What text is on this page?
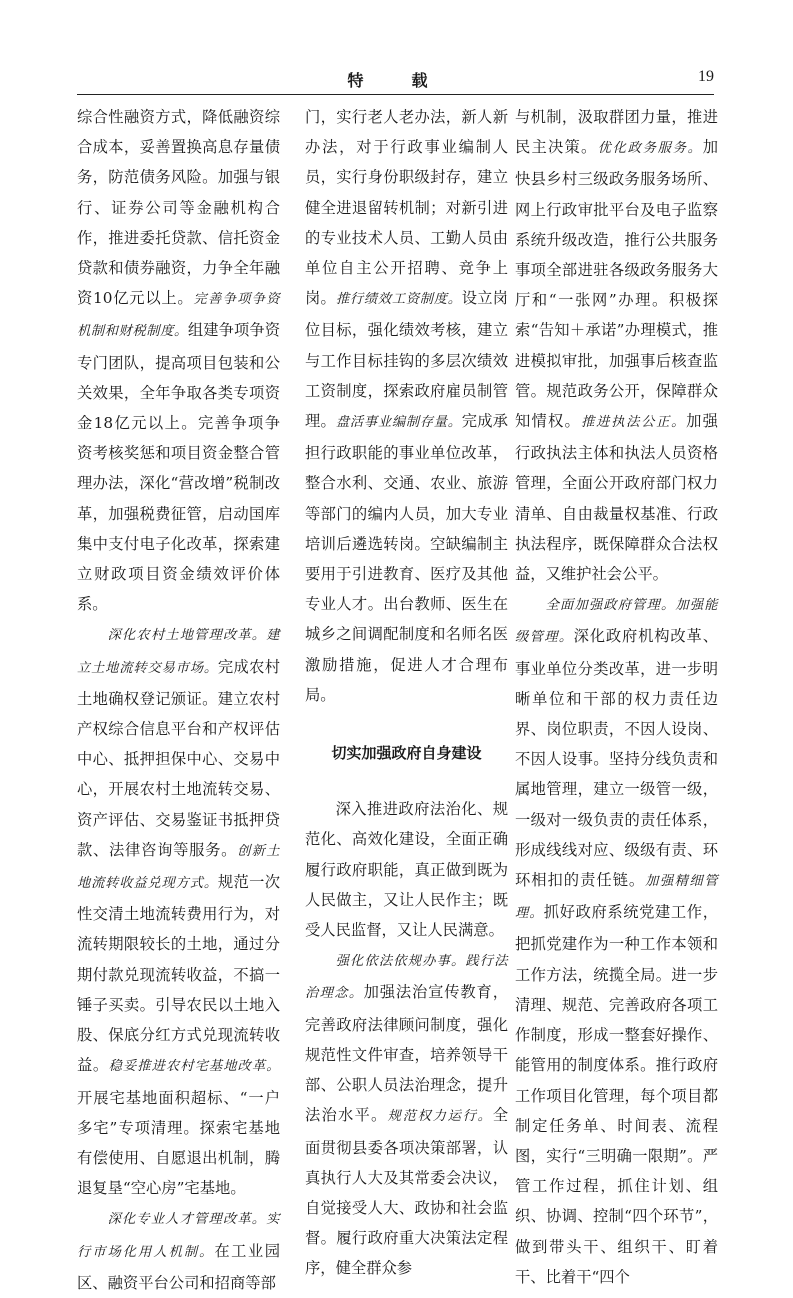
特　载	19

综合性融资方式，降低融资综合成本，妥善置换高息存量债务，防范债务风险。加强与银行、证券公司等金融机构合作，推进委托贷款、信托资金贷款和债券融资，力争全年融资10亿元以上。完善争项争资机制和财税制度。组建争项争资专门团队，提高项目包装和公关效果，全年争取各类专项资金18亿元以上。完善争项争资考核奖惩和项目资金整合管理办法，深化“营改增”税制改革，加强税费征管，启动国库集中支付电子化改革，探索建立财政项目资金绩效评价体系。

深化农村土地管理改革。建立土地流转交易市场。完成农村土地确权登记颁证。建立农村产权综合信息平台和产权评估中心、抵押担保中心、交易中心，开展农村土地流转交易、资产评估、交易鉴证书抵押贷款、法律咨询等服务。创新土地流转收益兑现方式。规范一次性交清土地流转费用行为，对流转期限较长的土地，通过分期付款兑现流转收益，不搞一锤子买卖。引导农民以土地入股、保底分红方式兑现流转收益。稳妥推进农村宅基地改革。开展宅基地面积超标、“一户多宅”专项清理。探索宅基地有偿使用、自愿退出机制，腾退复垦“空心房”宅基地。

深化专业人才管理改革。实行市场化用人机制。在工业园区、融资平台公司和招商等部

门，实行老人老办法，新人新办法，对于行政事业编制人员，实行身份职级封存，建立健全进退留转机制；对新引进的专业技术人员、工勤人员由单位自主公开招聘、竞争上岗。推行绩效工资制度。设立岗位目标，强化绩效考核，建立与工作目标挂钩的多层次绩效工资制度，探索政府雇员制管理。盘活事业编制存量。完成承担行政职能的事业单位改革，整合水利、交通、农业、旅游等部门的编内人员，加大专业培训后遴选转岗。空缺编制主要用于引进教育、医疗及其他专业人才。出台教师、医生在城乡之间调配制度和名师名医激励措施，促进人才合理布局。

切实加强政府自身建设

深入推进政府法治化、规范化、高效化建设，全面正确履行政府职能，真正做到既为人民做主，又让人民作主；既受人民监督，又让人民满意。

强化依法依规办事。践行法治理念。加强法治宣传教育，完善政府法律顾问制度，强化规范性文件审查，培养领导干部、公职人员法治理念，提升法治水平。规范权力运行。全面贯彻县委各项决策部署，认真执行人大及其常委会决议，自觉接受人大、政协和社会监督。履行政府重大决策法定程序，健全群众参

与机制，汲取群团力量，推进民主决策。优化政务服务。加快县乡村三级政务服务场所、网上行政审批平台及电子监察系统升级改造，推行公共服务事项全部进驻各级政务服务大厅和“一张网”办理。积极探索“告知＋承诺”办理模式，推进模拟审批，加强事后核查监管。规范政务公开，保障群众知情权。推进执法公正。加强行政执法主体和执法人员资格管理，全面公开政府部门权力清单、自由裁量权基准、行政执法程序，既保障群众合法权益，又维护社会公平。

全面加强政府管理。加强能级管理。深化政府机构改革、事业单位分类改革，进一步明晰单位和干部的权力责任边界、岗位职责，不因人设岗、不因人设事。坚持分线负责和属地管理，建立一级管一级，一级对一级负责的责任体系，形成线线对应、级级有责、环环相扣的责任链。加强精细管理。抓好政府系统党建工作，把抓党建作为一种工作本领和工作方法，统揽全局。进一步清理、规范、完善政府各项工作制度，形成一整套好操作、能管用的制度体系。推行政府工作项目化管理，每个项目都制定任务单、时间表、流程图，实行“三明确一限期”。严管工作过程，抓住计划、组织、协调、控制“四个环节”，做到带头干、组织干、盯着干、比着干“四个
